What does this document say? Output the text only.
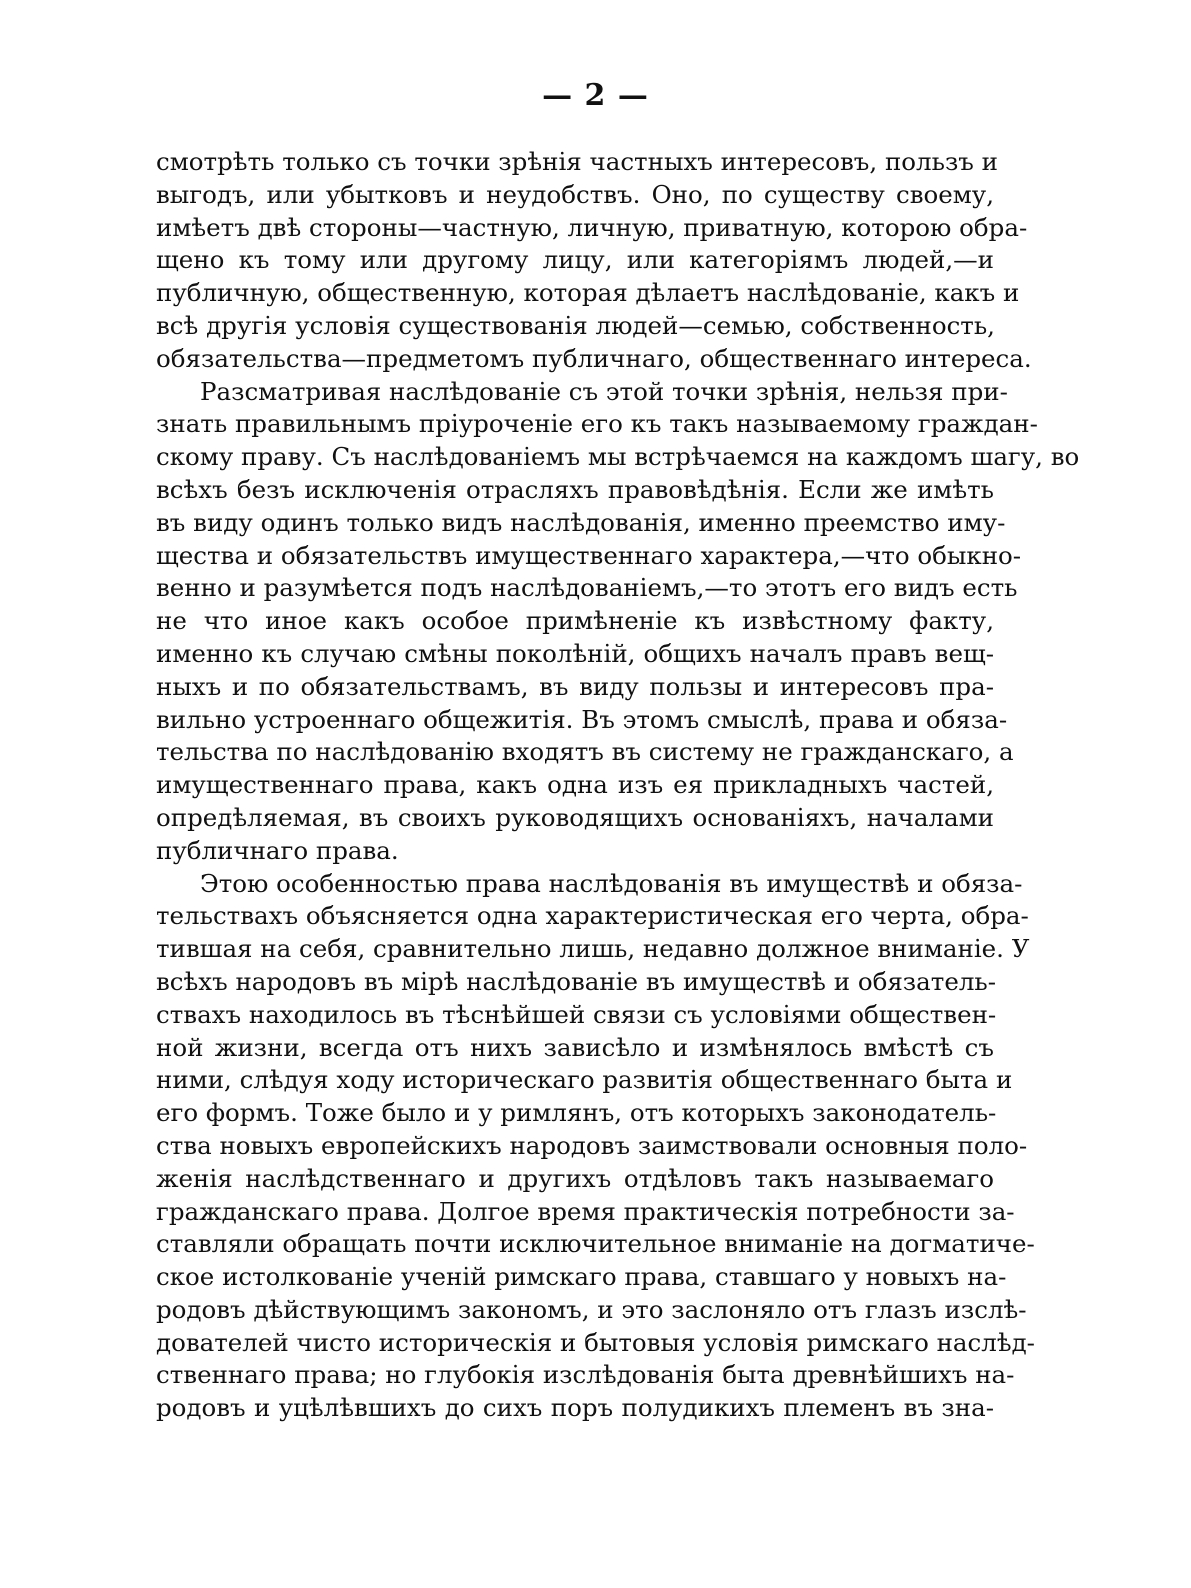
— 2 —
смотрѣть только съ точки зрѣнія частныхъ интересовъ, пользъ и
выгодъ, или убытковъ и неудобствъ. Оно, по существу своему,
имѣетъ двѣ стороны—частную, личную, приватную, которою обра-
щено къ тому или другому лицу, или категоріямъ людей,—и
публичную, общественную, которая дѣлаетъ наслѣдованіе, какъ и
всѣ другія условія существованія людей—семью, собственность,
обязательства—предметомъ публичнаго, общественнаго интереса.
Разсматривая наслѣдованіе съ этой точки зрѣнія, нельзя при-
знать правильнымъ пріуроченіе его къ такъ называемому граждан-
скому праву. Съ наслѣдованіемъ мы встрѣчаемся на каждомъ шагу, во
всѣхъ безъ исключенія отрасляхъ правовѣдѣнія. Если же имѣть
въ виду одинъ только видъ наслѣдованія, именно преемство иму-
щества и обязательствъ имущественнаго характера,—что обыкно-
венно и разумѣется подъ наслѣдованіемъ,—то этотъ его видъ есть
не что иное какъ особое примѣненіе къ извѣстному факту,
именно къ случаю смѣны поколѣній, общихъ началъ правъ вещ-
ныхъ и по обязательствамъ, въ виду пользы и интересовъ пра-
вильно устроеннаго общежитія. Въ этомъ смыслѣ, права и обяза-
тельства по наслѣдованію входятъ въ систему не гражданскаго, а
имущественнаго права, какъ одна изъ ея прикладныхъ частей,
опредѣляемая, въ своихъ руководящихъ основаніяхъ, началами
публичнаго права.
Этою особенностью права наслѣдованія въ имуществѣ и обяза-
тельствахъ объясняется одна характеристическая его черта, обра-
тившая на себя, сравнительно лишь, недавно должное вниманіе. У
всѣхъ народовъ въ мірѣ наслѣдованіе въ имуществѣ и обязатель-
ствахъ находилось въ тѣснѣйшей связи съ условіями обществен-
ной жизни, всегда отъ нихъ зависѣло и измѣнялось вмѣстѣ съ
ними, слѣдуя ходу историческаго развитія общественнаго быта и
его формъ. Тоже было и у римлянъ, отъ которыхъ законодатель-
ства новыхъ европейскихъ народовъ заимствовали основныя поло-
женія наслѣдственнаго и другихъ отдѣловъ такъ называемаго
гражданскаго права. Долгое время практическія потребности за-
ставляли обращать почти исключительное вниманіе на догматиче-
ское истолкованіе ученій римскаго права, ставшаго у новыхъ на-
родовъ дѣйствующимъ закономъ, и это заслоняло отъ глазъ изслѣ-
дователей чисто историческія и бытовыя условія римскаго наслѣд-
ственнаго права; но глубокія изслѣдованія быта древнѣйшихъ на-
родовъ и уцѣлѣвшихъ до сихъ поръ полудикихъ племенъ въ зна-
